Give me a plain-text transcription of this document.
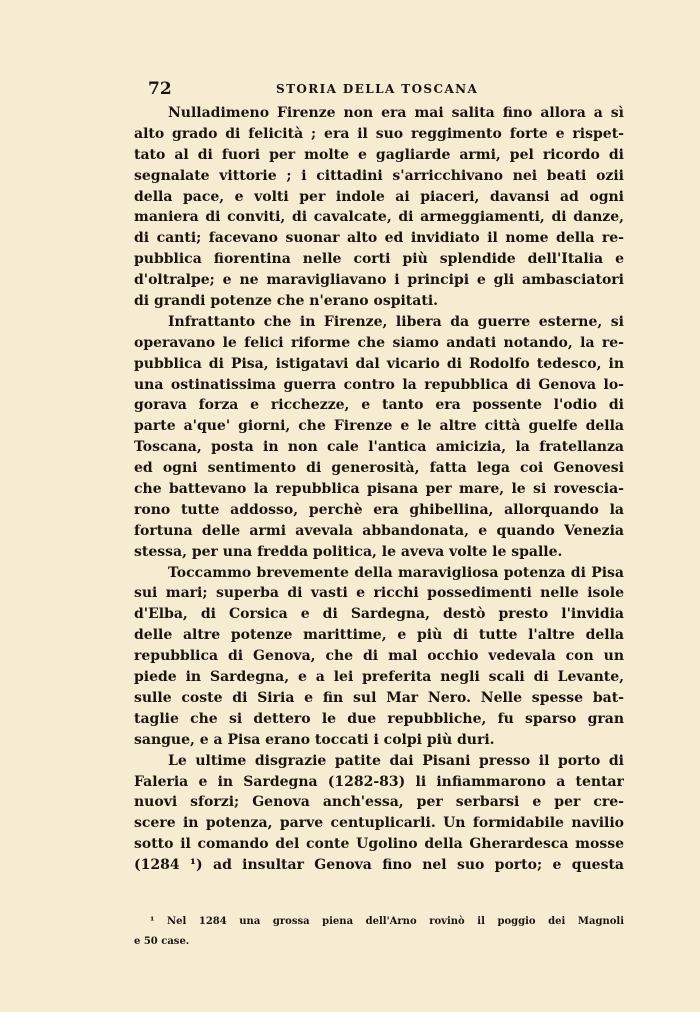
72	STORIA DELLA TOSCANA
Nulladimeno Firenze non era mai salita fino allora a sì
alto grado di felicità ; era il suo reggimento forte e rispet-
tato al di fuori per molte e gagliarde armi, pel ricordo di
segnalate vittorie ; i cittadini s'arricchivano nei beati ozii
della pace, e volti per indole ai piaceri, davansi ad ogni
maniera di conviti, di cavalcate, di armeggiamenti, di danze,
di canti; facevano suonar alto ed invidiato il nome della re-
pubblica fiorentina nelle corti più splendide dell'Italia e
d'oltralpe; e ne maravigliavano i principi e gli ambasciatori
di grandi potenze che n'erano ospitati.
Infrattanto che in Firenze, libera da guerre esterne, si
operavano le felici riforme che siamo andati notando, la re-
pubblica di Pisa, istigatavi dal vicario di Rodolfo tedesco, in
una ostinatissima guerra contro la repubblica di Genova lo-
gorava forza e ricchezze, e tanto era possente l'odio di
parte a'que' giorni, che Firenze e le altre città guelfe della
Toscana, posta in non cale l'antica amicizia, la fratellanza
ed ogni sentimento di generosità, fatta lega coi Genovesi
che battevano la repubblica pisana per mare, le si rovescia-
rono tutte addosso, perchè era ghibellina, allorquando la
fortuna delle armi avevala abbandonata, e quando Venezia
stessa, per una fredda politica, le aveva volte le spalle.
Toccammo brevemente della maravigliosa potenza di Pisa
sui mari; superba di vasti e ricchi possedimenti nelle isole
d'Elba, di Corsica e di Sardegna, destò presto l'invidia
delle altre potenze marittime, e più di tutte l'altre della
repubblica di Genova, che di mal occhio vedevala con un
piede in Sardegna, e a lei preferita negli scali di Levante,
sulle coste di Siria e fin sul Mar Nero. Nelle spesse bat-
taglie che si dettero le due repubbliche, fu sparso gran
sangue, e a Pisa erano toccati i colpi più duri.
Le ultime disgrazie patite dai Pisani presso il porto di
Faleria e in Sardegna (1282-83) li infiammarono a tentar
nuovi sforzi; Genova anch'essa, per serbarsi e per cre-
scere in potenza, parve centuplicarli. Un formidabile navilio
sotto il comando del conte Ugolino della Gherardesca mosse
(1284 ¹) ad insultar Genova fino nel suo porto; e questa
¹ Nel 1284 una grossa piena dell'Arno rovinò il poggio dei Magnoli
e 50 case.
